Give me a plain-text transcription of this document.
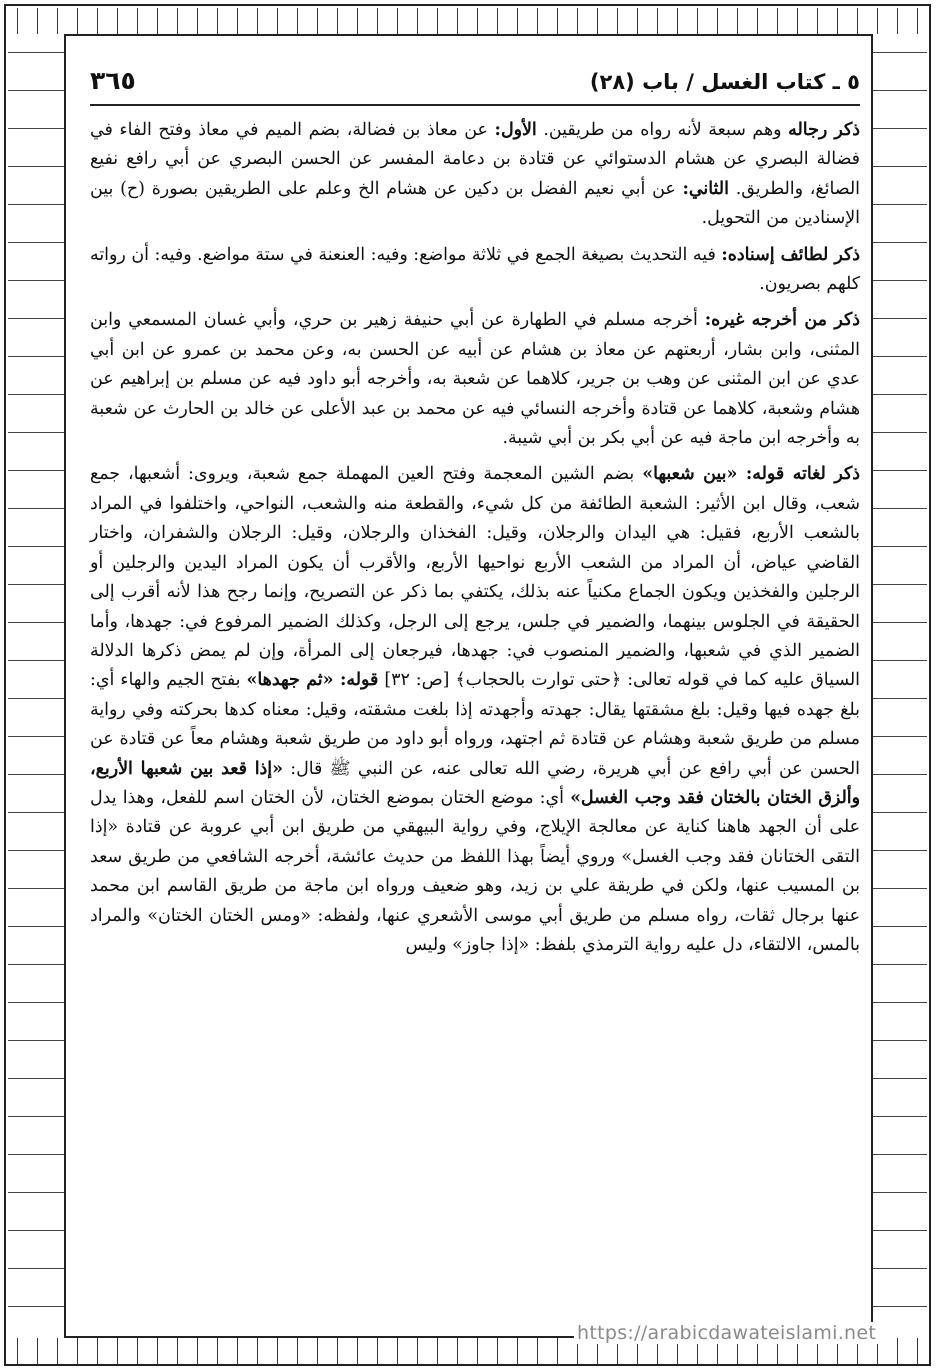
٥ ـ كتاب الغسل / باب (٢٨)
٣٦٥

ذكر رجاله وهم سبعة لأنه رواه من طريقين. الأول: عن معاذ بن فضالة، بضم الميم في معاذ وفتح الفاء في فضالة البصري عن هشام الدستوائي عن قتادة بن دعامة المفسر عن الحسن البصري عن أبي رافع نفيع الصائغ، والطريق. الثاني: عن أبي نعيم الفضل بن دكين عن هشام الخ وعلم على الطريقين بصورة (ح) بين الإسنادين من التحويل.

ذكر لطائف إسناده: فيه التحديث بصيغة الجمع في ثلاثة مواضع: وفيه: العنعنة في ستة مواضع. وفيه: أن رواته كلهم بصريون.

ذكر من أخرجه غيره: أخرجه مسلم في الطهارة عن أبي حنيفة زهير بن حري، وأبي غسان المسمعي وابن المثنى، وابن بشار، أربعتهم عن معاذ بن هشام عن أبيه عن الحسن به، وعن محمد بن عمرو عن ابن أبي عدي عن ابن المثنى عن وهب بن جرير، كلاهما عن شعبة به، وأخرجه أبو داود فيه عن مسلم بن إبراهيم عن هشام وشعبة، كلاهما عن قتادة وأخرجه النسائي فيه عن محمد بن عبد الأعلى عن خالد بن الحارث عن شعبة به وأخرجه ابن ماجة فيه عن أبي بكر بن أبي شيبة.

ذكر لغاته قوله: «بين شعبها» بضم الشين المعجمة وفتح العين المهملة جمع شعبة، ويروى: أشعبها، جمع شعب، وقال ابن الأثير: الشعبة الطائفة من كل شيء، والقطعة منه والشعب، النواحي، واختلفوا في المراد بالشعب الأربع، فقيل: هي اليدان والرجلان، وقيل: الفخذان والرجلان، وقيل: الرجلان والشفران، واختار القاضي عياض، أن المراد من الشعب الأربع نواحيها الأربع، والأقرب أن يكون المراد اليدين والرجلين أو الرجلين والفخذين ويكون الجماع مكنياً عنه بذلك، يكتفي بما ذكر عن التصريح، وإنما رجح هذا لأنه أقرب إلى الحقيقة في الجلوس بينهما، والضمير في جلس، يرجع إلى الرجل، وكذلك الضمير المرفوع في: جهدها، وأما الضمير الذي في شعبها، والضمير المنصوب في: جهدها، فيرجعان إلى المرأة، وإن لم يمض ذكرها الدلالة السياق عليه كما في قوله تعالى: ﴿حتى توارت بالحجاب﴾ [ص: ٣٢] قوله: «ثم جهدها» بفتح الجيم والهاء أي: بلغ جهده فيها وقيل: بلغ مشقتها يقال: جهدته وأجهدته إذا بلغت مشقته، وقيل: معناه كدها بحركته وفي رواية مسلم من طريق شعبة وهشام عن قتادة ثم اجتهد، ورواه أبو داود من طريق شعبة وهشام معاً عن قتادة عن الحسن عن أبي رافع عن أبي هريرة، رضي الله تعالى عنه، عن النبي ﷺ قال: «إذا قعد بين شعبها الأربع، وألزق الختان بالختان فقد وجب الغسل» أي: موضع الختان بموضع الختان، لأن الختان اسم للفعل، وهذا يدل على أن الجهد هاهنا كناية عن معالجة الإيلاج، وفي رواية البيهقي من طريق ابن أبي عروبة عن قتادة «إذا التقى الختانان فقد وجب الغسل» وروي أيضاً بهذا اللفظ من حديث عائشة، أخرجه الشافعي من طريق سعد بن المسيب عنها، ولكن في طريقة علي بن زيد، وهو ضعيف ورواه ابن ماجة من طريق القاسم ابن محمد عنها برجال ثقات، رواه مسلم من طريق أبي موسى الأشعري عنها، ولفظه: «ومس الختان الختان» والمراد بالمس، الالتقاء، دل عليه رواية الترمذي بلفظ: «إذا جاوز» وليس

https://arabicdawateislami.net
